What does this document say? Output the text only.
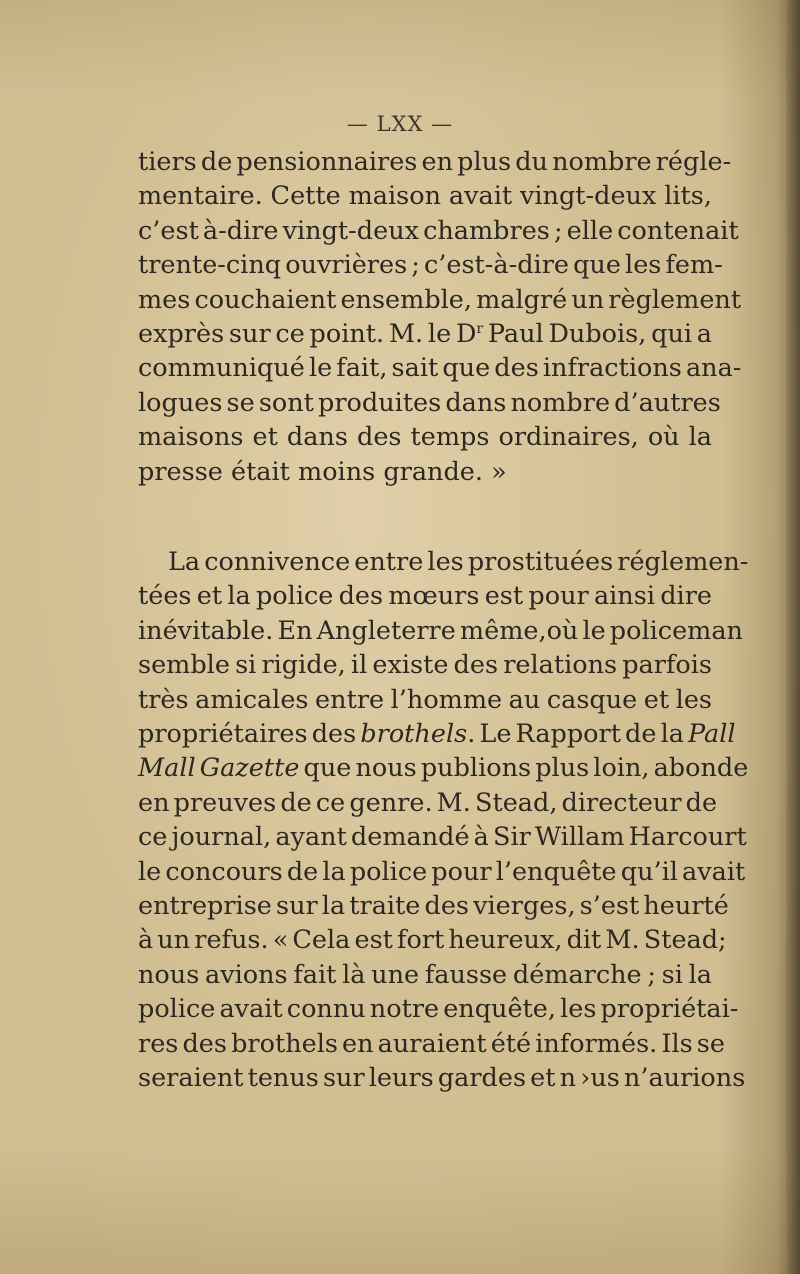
— LXX —
tiers de pensionnaires en plus du nombre régle-
mentaire. Cette maison avait vingt-deux lits,
c’est à-dire vingt-deux chambres ; elle contenait
trente-cinq ouvrières ; c’est-à-dire que les fem-
mes couchaient ensemble, malgré un règlement
exprès sur ce point. M. le $D^r$ Paul Dubois, qui a
communiqué le fait, sait que des infractions ana-
logues se sont produites dans nombre d’autres
maisons et dans des temps ordinaires, où la
presse était moins grande. »
La connivence entre les prostituées réglemen-
tées et la police des mœurs est pour ainsi dire
inévitable. En Angleterre même,où le policeman
semble si rigide, il existe des relations parfois
très amicales entre l’homme au casque et les
propriétaires des brothels. Le Rapport de la Pall
Mall Gazette que nous publions plus loin, abonde
en preuves de ce genre. M. Stead, directeur de
ce journal, ayant demandé à Sir Willam Harcourt
le concours de la police pour l’enquête qu’il avait
entreprise sur la traite des vierges, s’est heurté
à un refus. « Cela est fort heureux, dit M. Stead;
nous avions fait là une fausse démarche ; si la
police avait connu notre enquête, les propriétai-
res des brothels en auraient été informés. Ils se
seraient tenus sur leurs gardes et n ›us n’aurions
